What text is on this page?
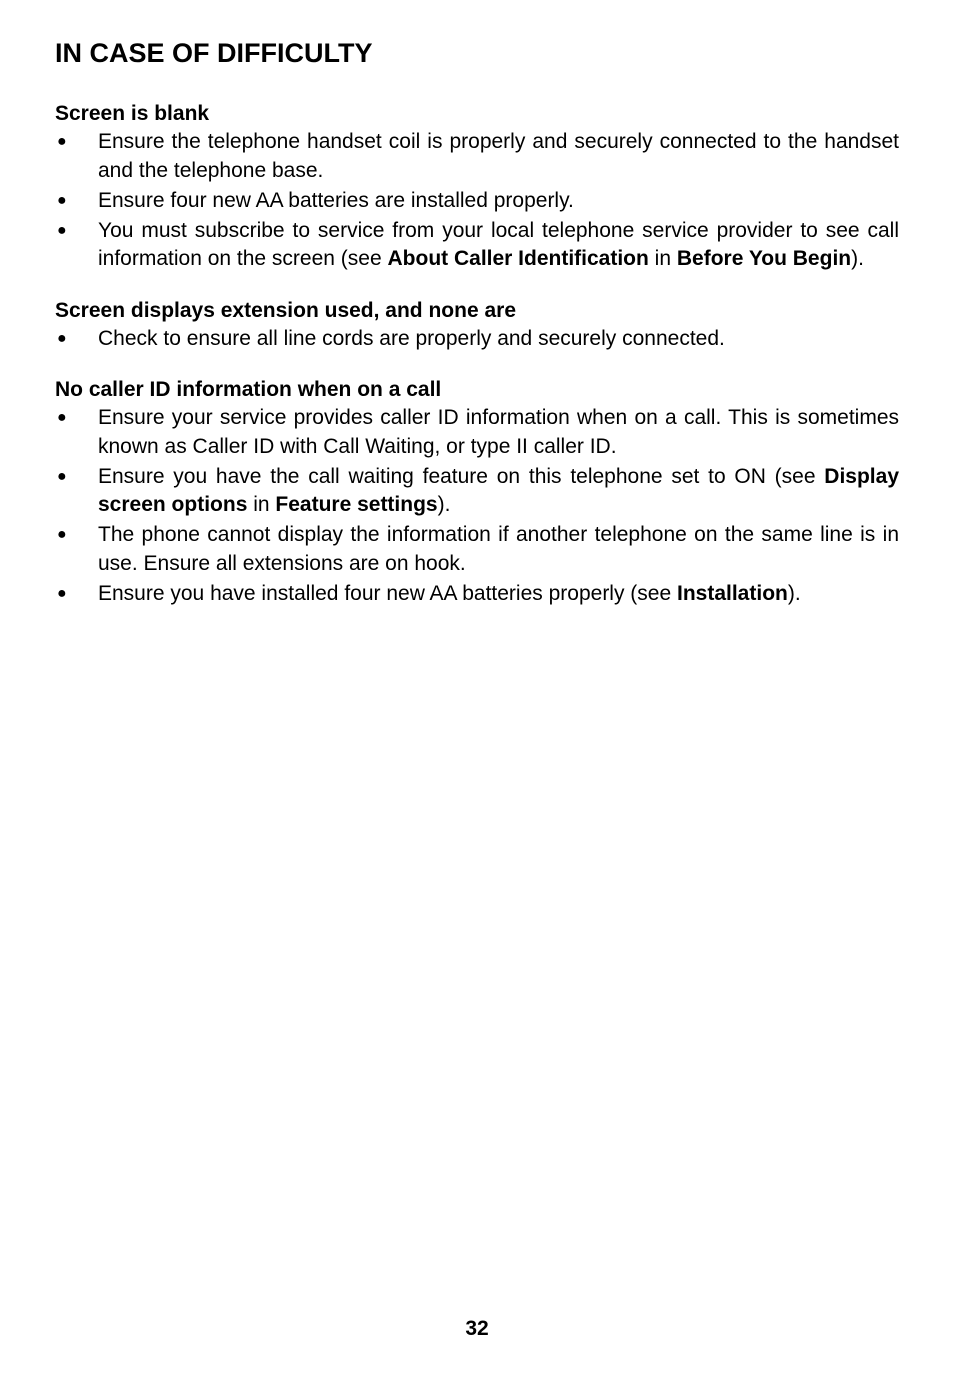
IN CASE OF DIFFICULTY
Screen is blank
● Ensure the telephone handset coil is properly and securely connected to the handset and the telephone base.
● Ensure four new AA batteries are installed properly.
● You must subscribe to service from your local telephone service provider to see call information on the screen (see About Caller Identification in Before You Begin).
Screen displays extension used, and none are
● Check to ensure all line cords are properly and securely connected.
No caller ID information when on a call
● Ensure your service provides caller ID information when on a call. This is sometimes known as Caller ID with Call Waiting, or type II caller ID.
● Ensure you have the call waiting feature on this telephone set to ON (see Display screen options in Feature settings).
● The phone cannot display the information if another telephone on the same line is in use. Ensure all extensions are on hook.
● Ensure you have installed four new AA batteries properly (see Installation).
32
